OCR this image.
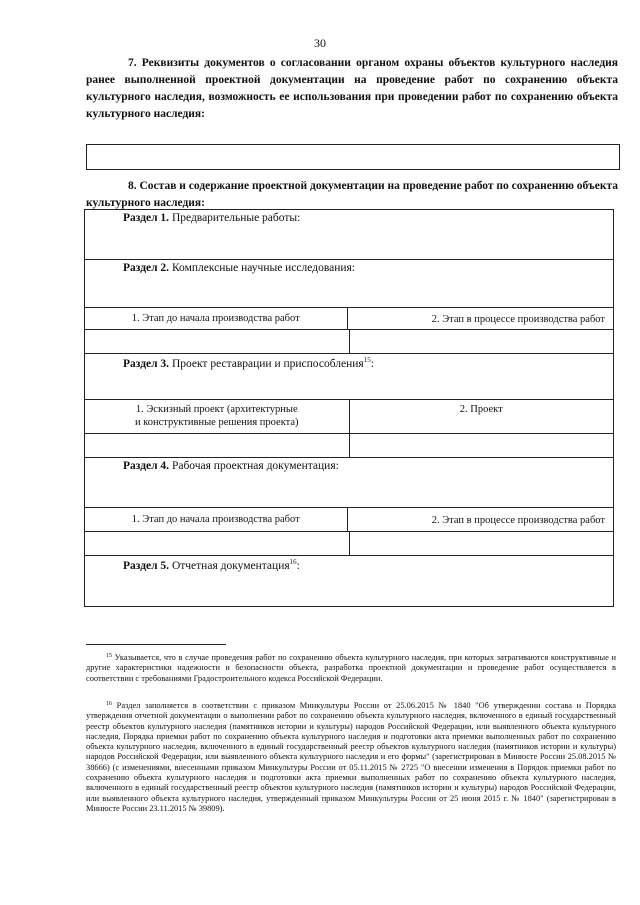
30
7. Реквизиты документов о согласовании органом охраны объектов культурного наследия ранее выполненной проектной документации на проведение работ по сохранению объекта культурного наследия, возможность ее использования при проведении работ по сохранению объекта культурного наследия:
8. Состав и содержание проектной документации на проведение работ по сохранению объекта культурного наследия:
Раздел 1. Предварительные работы:
Раздел 2. Комплексные научные исследования:
1. Этап до начала производства работ	2. Этап в процессе производства работ
Раздел 3. Проект реставрации и приспособления$^{15}$:
1. Эскизный проект (архитектурные
и конструктивные решения проекта)
2. Проект
Раздел 4. Рабочая проектная документация:
1. Этап до начала производства работ	2. Этап в процессе производства работ
Раздел 5. Отчетная документация$^{16}$:
$^{15}$ Указывается, что в случае проведения работ по сохранению объекта культурного наследия, при которых затрагиваются конструктивные и другие характеристики надежности и безопасности объекта, разработка проектной документации и проведение работ осуществляется в соответствии с требованиями Градостроительного кодекса Российской Федерации.
$^{16}$ Раздел заполняется в соответствии с приказом Минкультуры России от 25.06.2015 № 1840 "Об утверждении состава и Порядка утверждения отчетной документации о выполнении работ по сохранению объекта культурного наследия, включенного в единый государственный реестр объектов культурного наследия (памятников истории и культуры) народов Российской Федерации, или выявленного объекта культурного наследия, Порядка приемки работ по сохранению объекта культурного наследия и подготовки акта приемки выполненных работ по сохранению объекта культурного наследия, включенного в единый государственный реестр объектов культурного наследия (памятников истории и культуры) народов Российской Федерации, или выявленного объекта культурного наследия и его формы" (зарегистрирован в Минюсте России 25.08.2015 № 38666) (с изменениями, внесенными приказом Минкультуры России от 05.11.2015 № 2725 "О внесении изменения в Порядок приемки работ по сохранению объекта культурного наследия и подготовки акта приемки выполненных работ по сохранению объекта культурного наследия, включенного в единый государственный реестр объектов культурного наследия (памятников истории и культуры) народов Российской Федерации, или выявленного объекта культурного наследия, утвержденный приказом Минкультуры России от 25 июня 2015 г. № 1840" (зарегистрирован в Минюсте России 23.11.2015 № 39809).
